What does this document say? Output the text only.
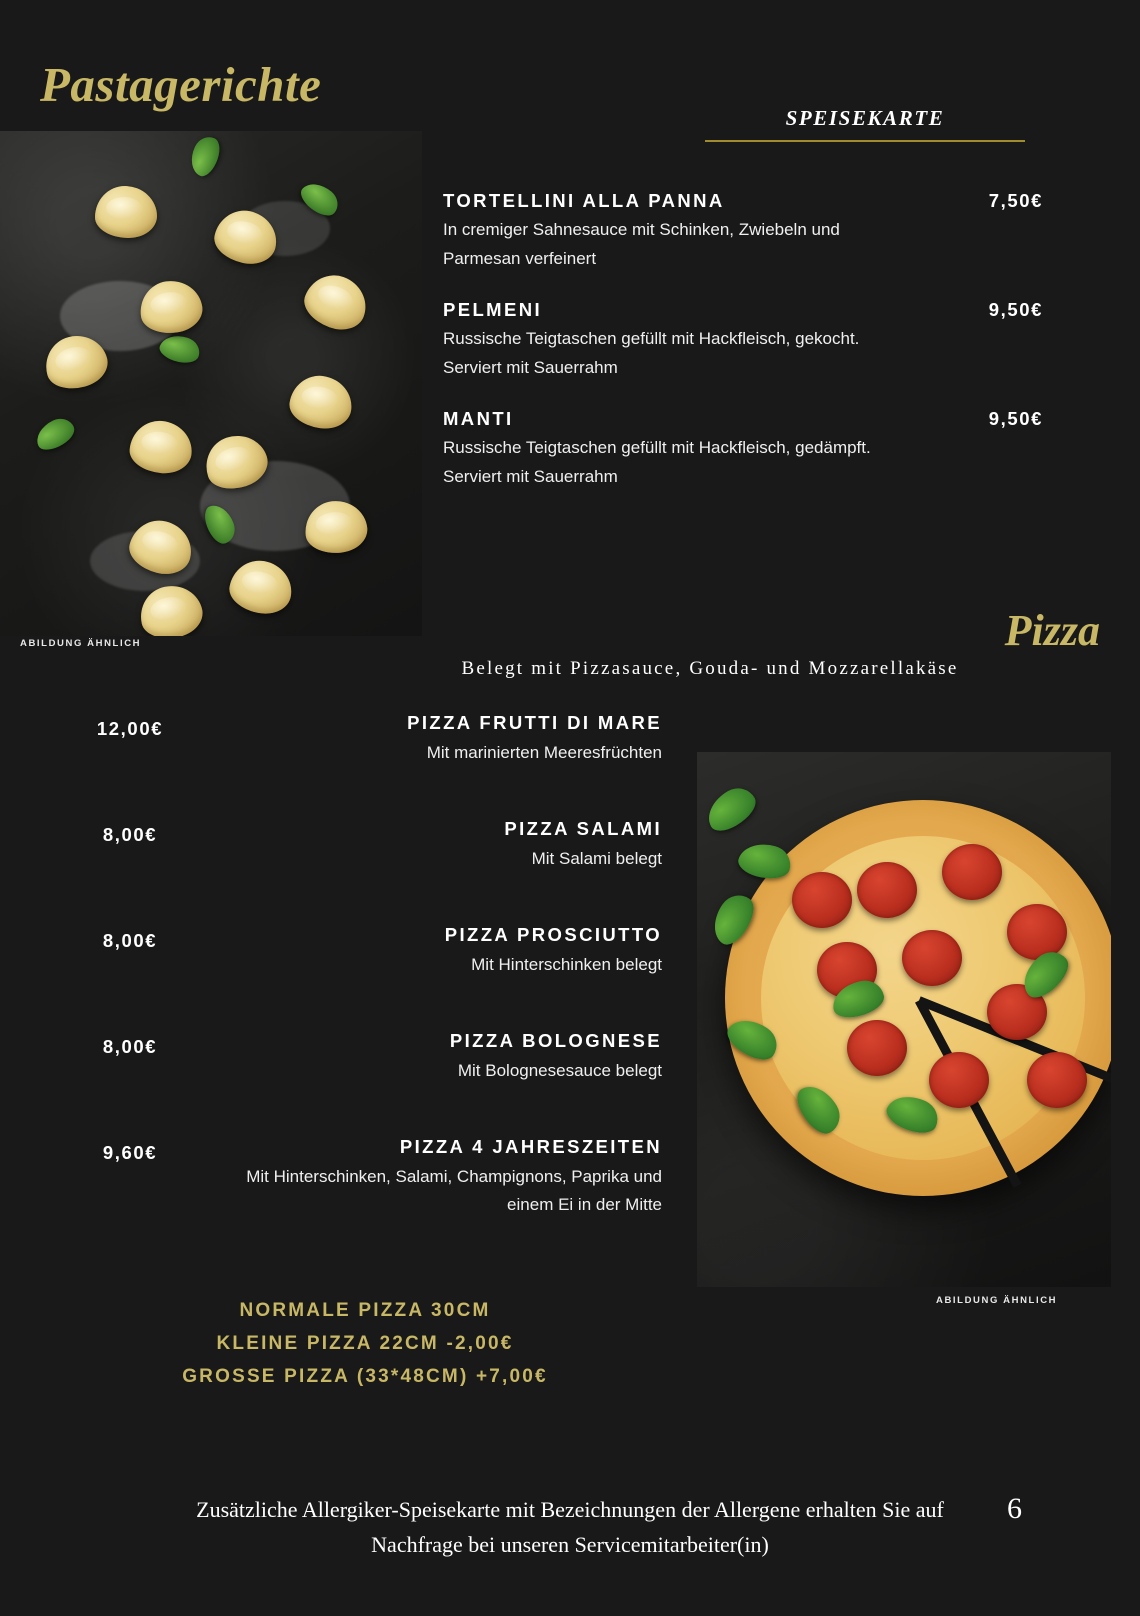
Pastagerichte
SPEISEKARTE
ABILDUNG ÄHNLICH
TORTELLINI ALLA PANNA	7,50€
In cremiger Sahnesauce mit Schinken, Zwiebeln und Parmesan verfeinert
PELMENI	9,50€
Russische Teigtaschen gefüllt mit Hackfleisch, gekocht. Serviert mit Sauerrahm
MANTI	9,50€
Russische Teigtaschen gefüllt mit Hackfleisch, gedämpft. Serviert mit Sauerrahm
Pizza
Belegt mit Pizzasauce, Gouda- und Mozzarellakäse
12,00€	PIZZA FRUTTI DI MARE
Mit marinierten Meeresfrüchten
8,00€	PIZZA SALAMI
Mit Salami belegt
8,00€	PIZZA PROSCIUTTO
Mit Hinterschinken belegt
8,00€	PIZZA BOLOGNESE
Mit Bolognesesauce belegt
9,60€	PIZZA 4 JAHRESZEITEN
Mit Hinterschinken, Salami, Champignons, Paprika und einem Ei in der Mitte
ABILDUNG ÄHNLICH
NORMALE PIZZA 30CM
KLEINE PIZZA 22CM -2,00€
GROSSE PIZZA (33*48CM) +7,00€
Zusätzliche Allergiker-Speisekarte mit Bezeichnungen der Allergene erhalten Sie auf
Nachfrage bei unseren Servicemitarbeiter(in)
6
